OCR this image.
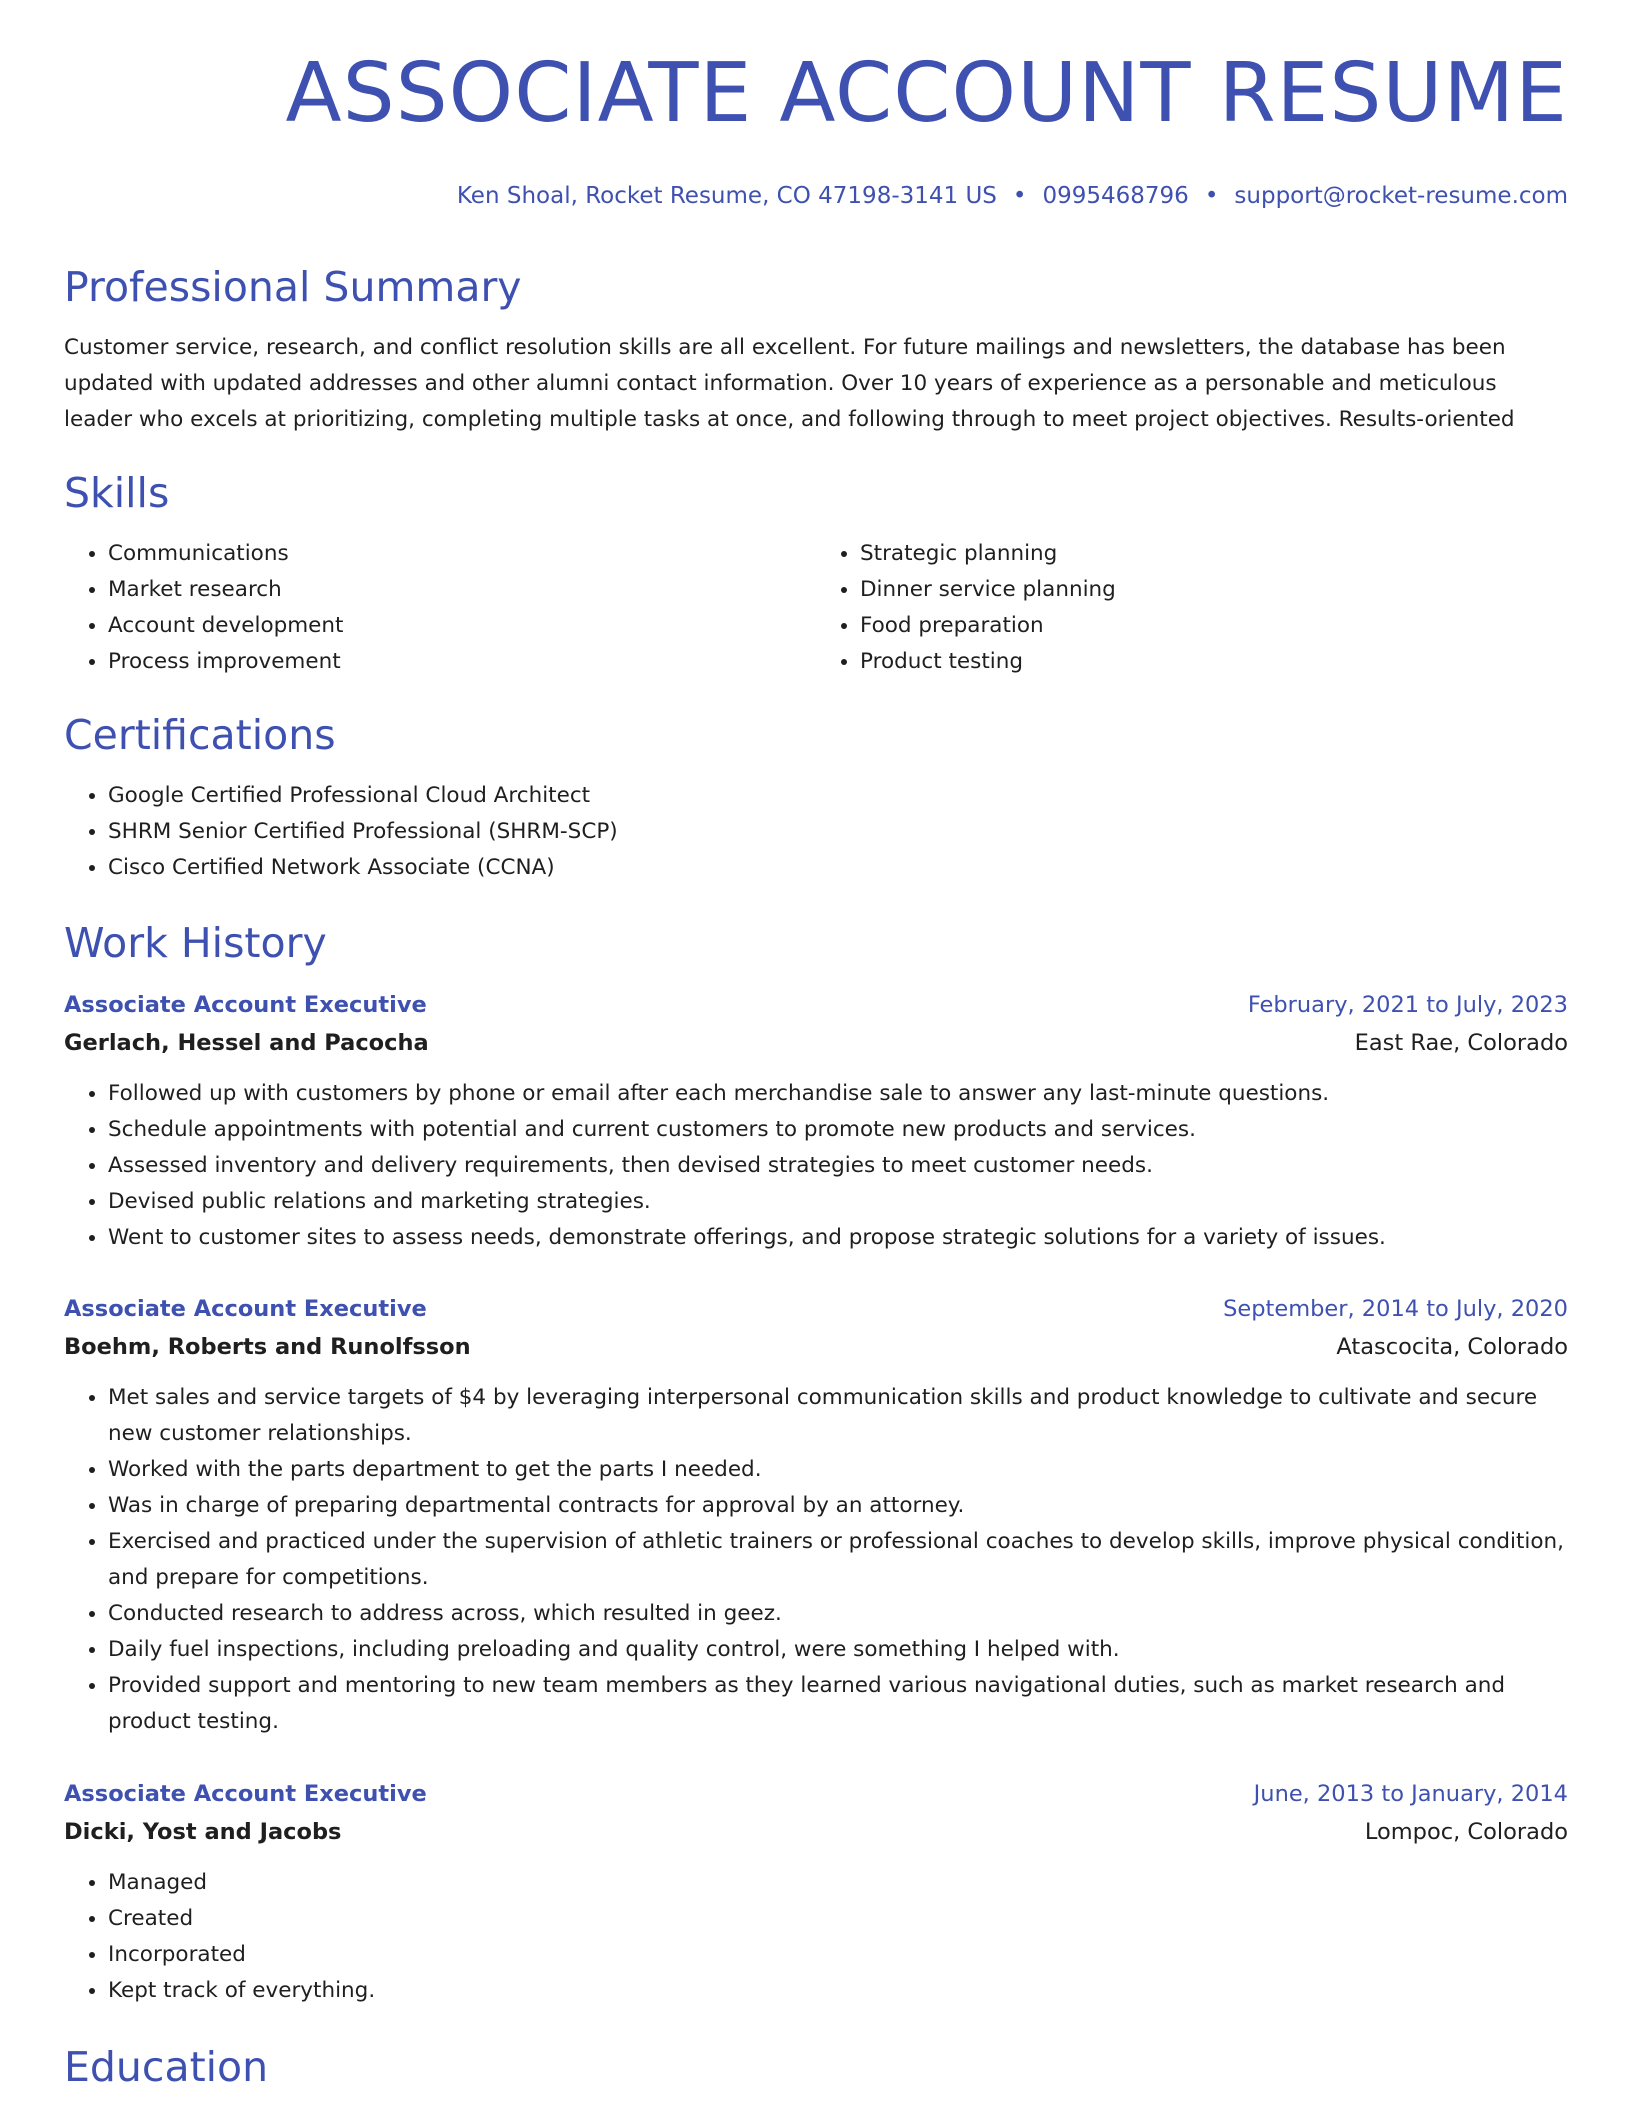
ASSOCIATE ACCOUNT RESUME
Ken Shoal, Rocket Resume, CO 47198-3141 US • 0995468796 • support@rocket-resume.com
Professional Summary

Customer service, research, and conflict resolution skills are all excellent. For future mailings and newsletters, the database has been updated with updated addresses and other alumni contact information. Over 10 years of experience as a personable and meticulous leader who excels at prioritizing, completing multiple tasks at once, and following through to meet project objectives. Results-oriented

Skills
• Communications
• Market research
• Account development
• Process improvement
• Strategic planning
• Dinner service planning
• Food preparation
• Product testing
Certifications
• Google Certified Professional Cloud Architect
• SHRM Senior Certified Professional (SHRM-SCP)
• Cisco Certified Network Associate (CCNA)
Work History
Associate Account Executive	February, 2021 to July, 2023
Gerlach, Hessel and Pacocha	East Rae, Colorado
• Followed up with customers by phone or email after each merchandise sale to answer any last-minute questions.
• Schedule appointments with potential and current customers to promote new products and services.
• Assessed inventory and delivery requirements, then devised strategies to meet customer needs.
• Devised public relations and marketing strategies.
• Went to customer sites to assess needs, demonstrate offerings, and propose strategic solutions for a variety of issues.
Associate Account Executive	September, 2014 to July, 2020
Boehm, Roberts and Runolfsson	Atascocita, Colorado
• Met sales and service targets of $4 by leveraging interpersonal communication skills and product knowledge to cultivate and secure new customer relationships.
• Worked with the parts department to get the parts I needed.
• Was in charge of preparing departmental contracts for approval by an attorney.
• Exercised and practiced under the supervision of athletic trainers or professional coaches to develop skills, improve physical condition, and prepare for competitions.
• Conducted research to address across, which resulted in geez.
• Daily fuel inspections, including preloading and quality control, were something I helped with.
• Provided support and mentoring to new team members as they learned various navigational duties, such as market research and product testing.
Associate Account Executive	June, 2013 to January, 2014
Dicki, Yost and Jacobs	Lompoc, Colorado
• Managed
• Created
• Incorporated
• Kept track of everything.
Education
